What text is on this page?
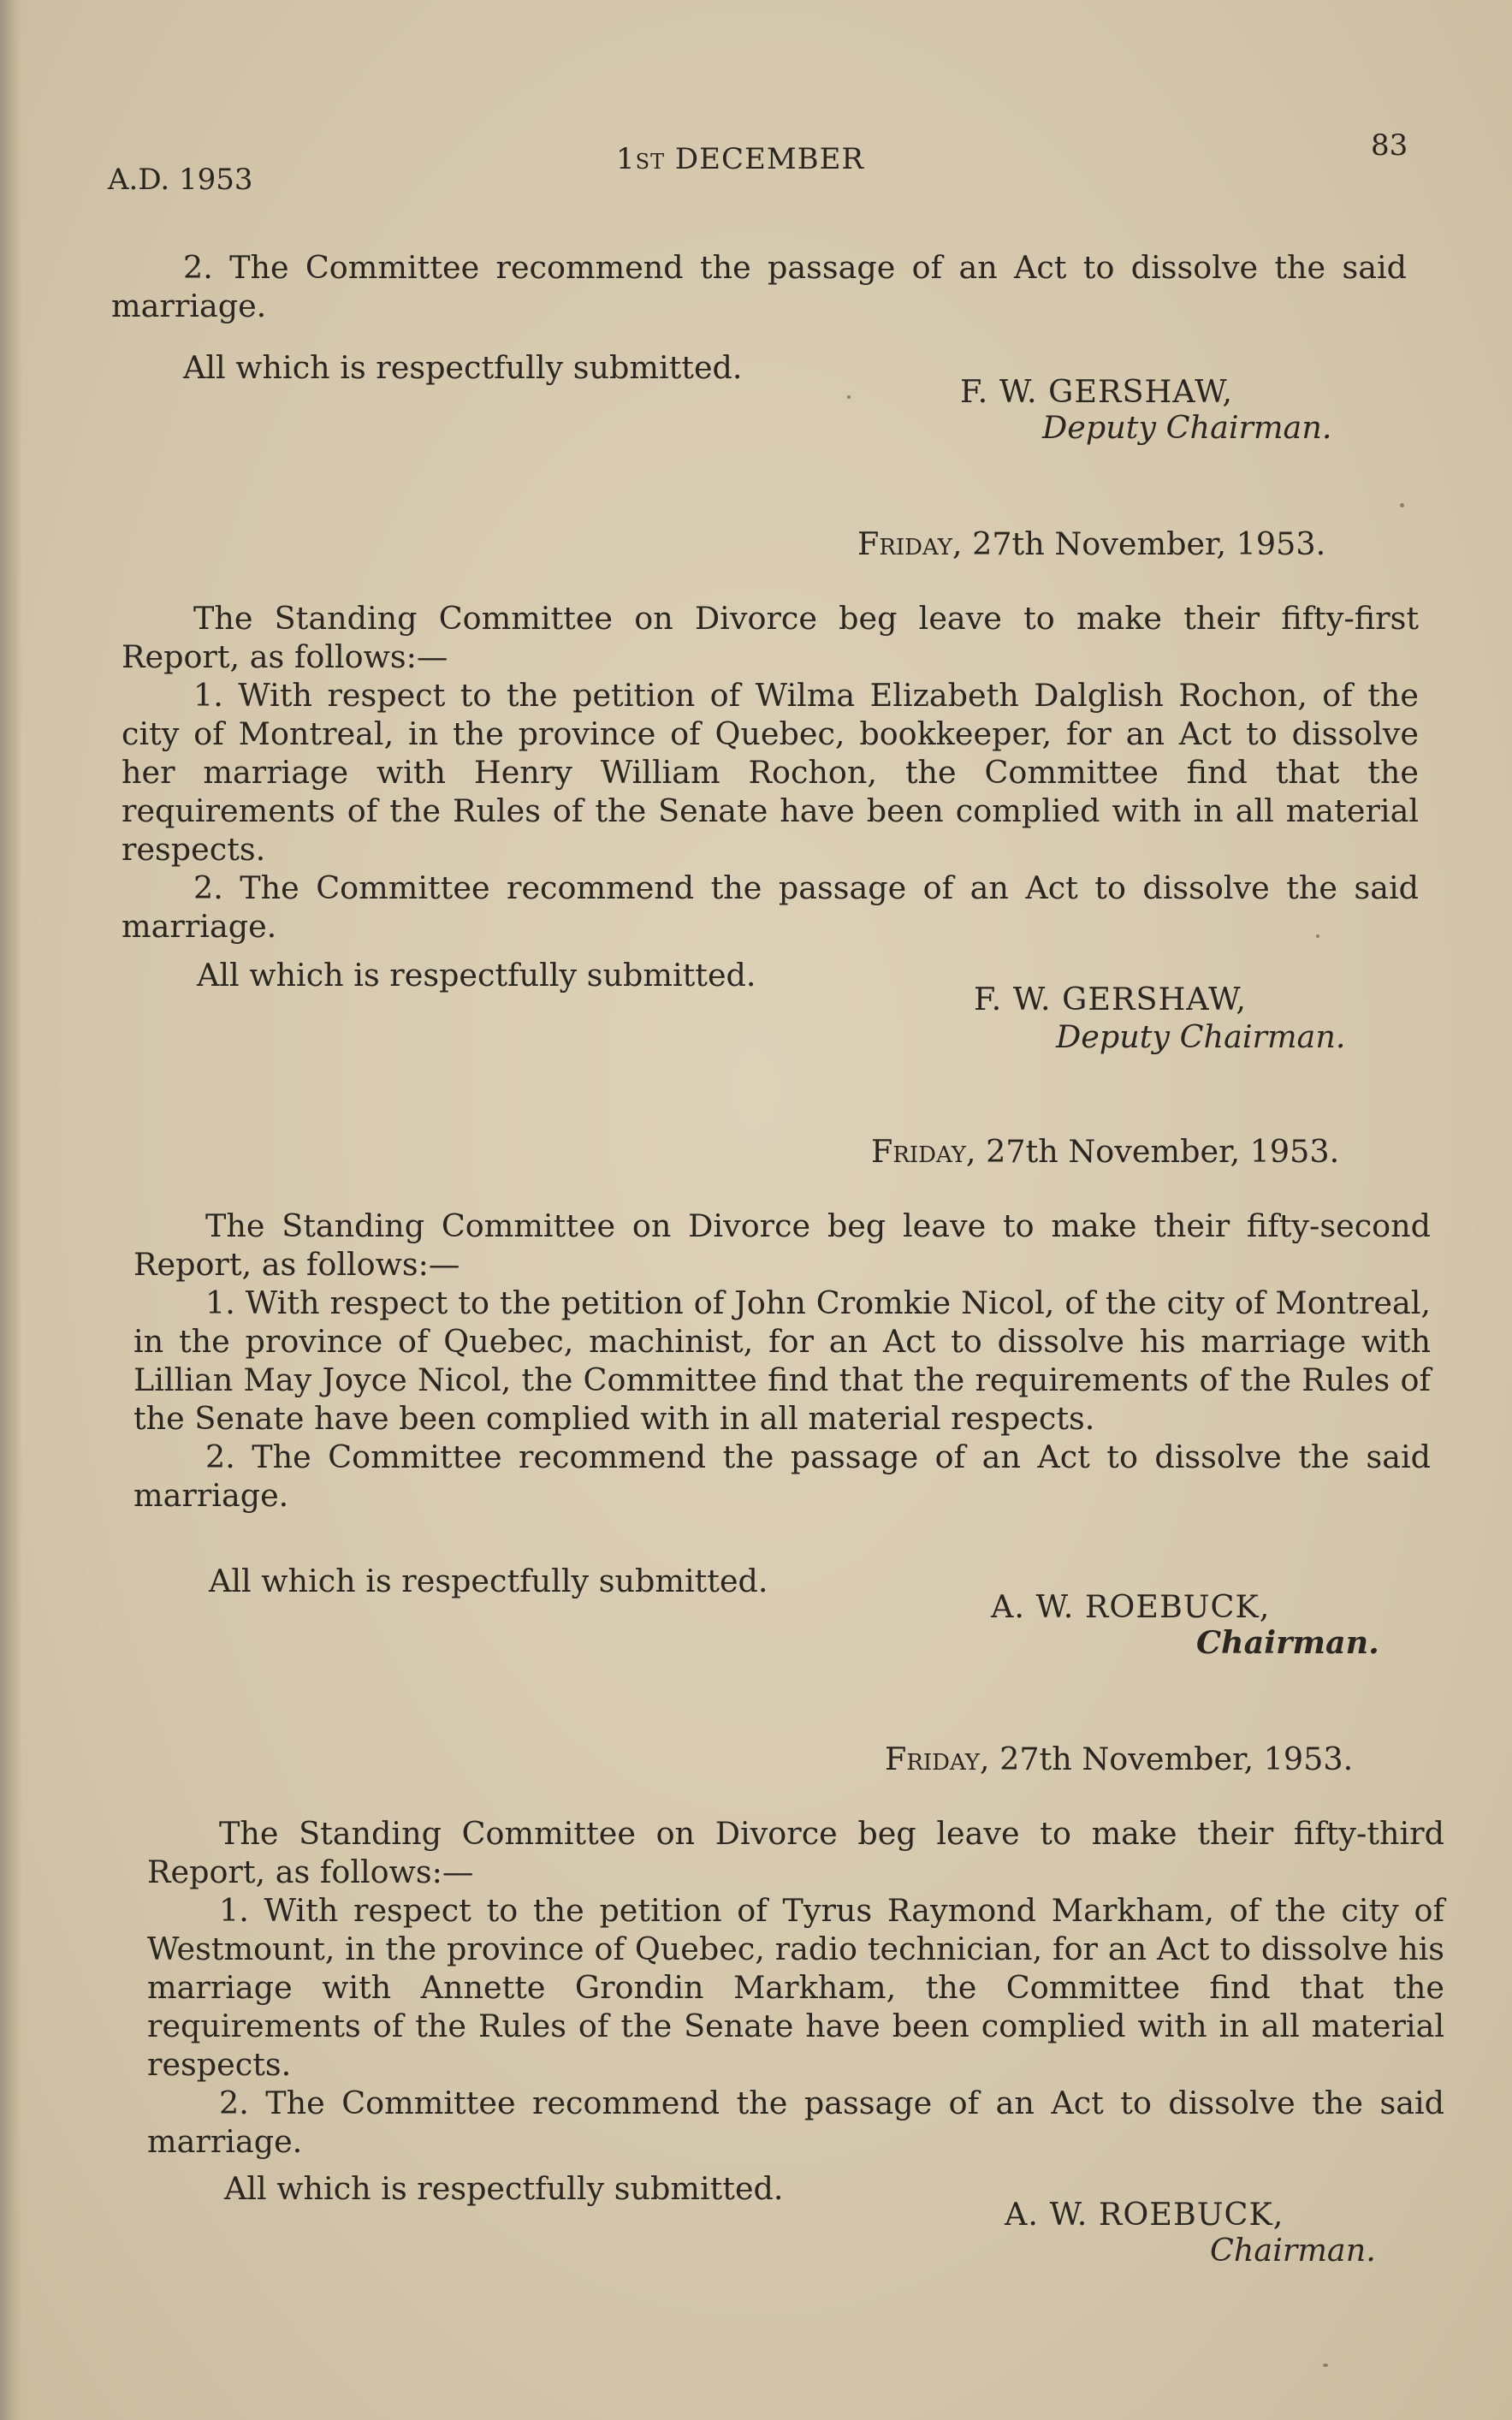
A.D. 1953
1st DECEMBER	83

2. The Committee recommend the passage of an Act to dissolve the said marriage.

All which is respectfully submitted.
F. W. GERSHAW,
Deputy Chairman.
Friday, 27th November, 1953.

The Standing Committee on Divorce beg leave to make their fifty-first Report, as follows:—

1. With respect to the petition of Wilma Elizabeth Dalglish Rochon, of the city of Montreal, in the province of Quebec, bookkeeper, for an Act to dissolve her marriage with Henry William Rochon, the Committee find that the requirements of the Rules of the Senate have been complied with in all material respects.

2. The Committee recommend the passage of an Act to dissolve the said marriage.

All which is respectfully submitted.
F. W. GERSHAW,
Deputy Chairman.
Friday, 27th November, 1953.

The Standing Committee on Divorce beg leave to make their fifty-second Report, as follows:—

1. With respect to the petition of John Cromkie Nicol, of the city of Montreal, in the province of Quebec, machinist, for an Act to dissolve his marriage with Lillian May Joyce Nicol, the Committee find that the requirements of the Rules of the Senate have been complied with in all material respects.

2. The Committee recommend the passage of an Act to dissolve the said marriage.

All which is respectfully submitted.
A. W. ROEBUCK,
Chairman.
Friday, 27th November, 1953.

The Standing Committee on Divorce beg leave to make their fifty-third Report, as follows:—

1. With respect to the petition of Tyrus Raymond Markham, of the city of Westmount, in the province of Quebec, radio technician, for an Act to dissolve his marriage with Annette Grondin Markham, the Committee find that the requirements of the Rules of the Senate have been complied with in all material respects.

2. The Committee recommend the passage of an Act to dissolve the said marriage.

All which is respectfully submitted.
A. W. ROEBUCK,
Chairman.
